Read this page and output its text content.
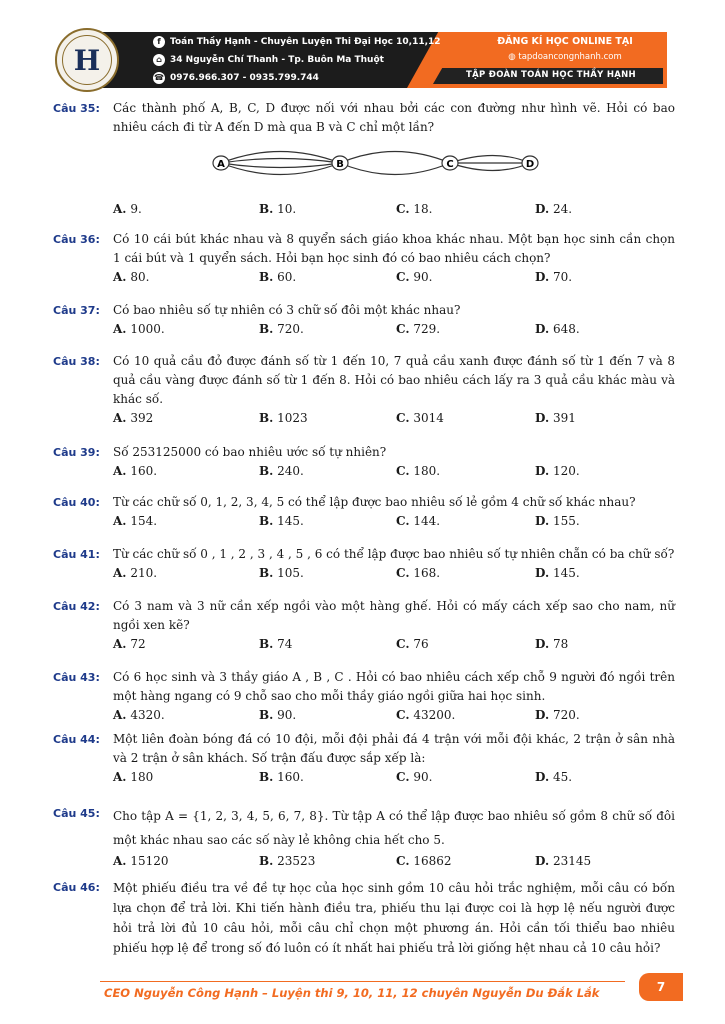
H
f	Toán Thầy Hạnh - Chuyên Luyện Thi Đại Học 10,11,12
⌂ 34 Nguyễn Chí Thanh - Tp. Buôn Ma Thuột
☎ 0976.966.307 - 0935.799.744
ĐĂNG KÍ HỌC ONLINE TẠI
◍ tapdoancongnhanh.com
TẬP ĐOÀN TOÁN HỌC THẦY HẠNH
Câu 35: Các thành phố A, B, C, D được nối với nhau bởi các con đường như hình vẽ. Hỏi có bao nhiêu cách đi từ A đến D mà qua B và C chỉ một lần?
A	B	C	D
A. 9.	B. 10.	C. 18.	D. 24.
Câu 36: Có 10 cái bút khác nhau và 8 quyển sách giáo khoa khác nhau. Một bạn học sinh cần chọn 1 cái bút và 1 quyển sách. Hỏi bạn học sinh đó có bao nhiêu cách chọn?
A. 80.	B. 60.	C. 90.	D. 70.
Câu 37: Có bao nhiêu số tự nhiên có 3 chữ số đôi một khác nhau?
A. 1000.	B. 720.	C. 729.	D. 648.
Câu 38: Có 10 quả cầu đỏ được đánh số từ 1 đến 10, 7 quả cầu xanh được đánh số từ 1 đến 7 và 8 quả cầu vàng được đánh số từ 1 đến 8. Hỏi có bao nhiêu cách lấy ra 3 quả cầu khác màu và khác số.
A. 392	B. 1023	C. 3014	D. 391
Câu 39: Số 253125000 có bao nhiêu ước số tự nhiên?
A. 160.	B. 240.	C. 180.	D. 120.
Câu 40: Từ các chữ số 0, 1, 2, 3, 4, 5 có thể lập được bao nhiêu số lẻ gồm 4 chữ số khác nhau?
A. 154.	B. 145.	C. 144.	D. 155.
Câu 41: Từ các chữ số 0 , 1 , 2 , 3 , 4 , 5 , 6 có thể lập được bao nhiêu số tự nhiên chẵn có ba chữ số?
A. 210.	B. 105.	C. 168.	D. 145.
Câu 42: Có 3 nam và 3 nữ cần xếp ngồi vào một hàng ghế. Hỏi có mấy cách xếp sao cho nam, nữ ngồi xen kẽ?
A. 72	B. 74	C. 76	D. 78
Câu 43: Có 6 học sinh và 3 thầy giáo A , B , C . Hỏi có bao nhiêu cách xếp chỗ 9 người đó ngồi trên một hàng ngang có 9 chỗ sao cho mỗi thầy giáo ngồi giữa hai học sinh.
A. 4320.	B. 90.	C. 43200.	D. 720.
Câu 44: Một liên đoàn bóng đá có 10 đội, mỗi đội phải đá 4 trận với mỗi đội khác, 2 trận ở sân nhà và 2 trận ở sân khách. Số trận đấu được sắp xếp là:
A. 180	B. 160.	C. 90.	D. 45.
Câu 45: Cho tập A = {1, 2, 3, 4, 5, 6, 7, 8}. Từ tập A có thể lập được bao nhiêu số gồm 8 chữ số đôi một khác nhau sao các số này lẻ không chia hết cho 5.
A. 15120	B. 23523	C. 16862	D. 23145
Câu 46: Một phiếu điều tra về đề tự học của học sinh gồm 10 câu hỏi trắc nghiệm, mỗi câu có bốn lựa chọn để trả lời. Khi tiến hành điều tra, phiếu thu lại được coi là hợp lệ nếu người được hỏi trả lời đủ 10 câu hỏi, mỗi câu chỉ chọn một phương án. Hỏi cần tối thiểu bao nhiêu phiếu hợp lệ để trong số đó luôn có ít nhất hai phiếu trả lời giống hệt nhau cả 10 câu hỏi?
CEO Nguyễn Công Hạnh – Luyện thi 9, 10, 11, 12 chuyên Nguyễn Du Đắk Lắk	7
